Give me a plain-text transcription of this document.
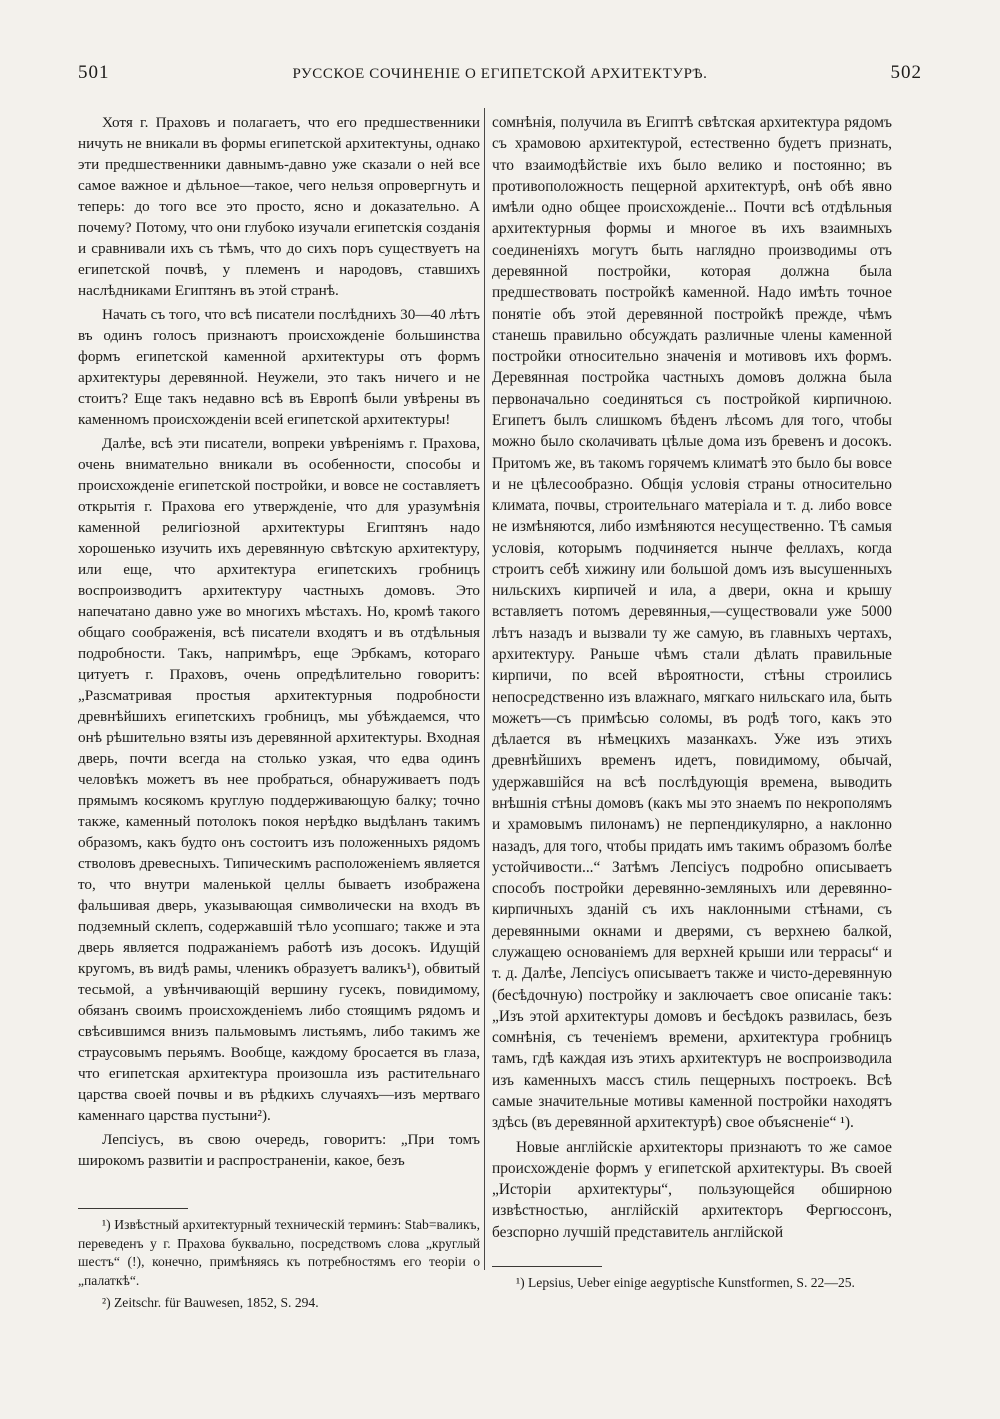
501	РУССКОЕ СОЧИНЕНІЕ О ЕГИПЕТСКОЙ АРХИТЕКТУРѢ.	502

Хотя г. Праховъ и полагаетъ, что его предшественники ничуть не вникали въ формы египетской архитектуны, однако эти предшественники давнымъ-давно уже сказали о ней все самое важное и дѣльное—такое, чего нельзя опровергнуть и теперь: до того все это просто, ясно и доказательно. А почему? Потому, что они глубоко изучали египетскія созданія и сравнивали ихъ съ тѣмъ, что до сихъ поръ существуетъ на египетской почвѣ, у племенъ и народовъ, ставшихъ наслѣдниками Египтянъ въ этой странѣ.

Начать съ того, что всѣ писатели послѣднихъ 30—40 лѣтъ въ одинъ голосъ признаютъ происхожденіе большинства формъ египетской каменной архитектуры отъ формъ архитектуры деревянной. Неужели, это такъ ничего и не стоитъ? Еще такъ недавно всѣ въ Европѣ были увѣрены въ каменномъ происхожденіи всей египетской архитектуры!

Далѣе, всѣ эти писатели, вопреки увѣреніямъ г. Прахова, очень внимательно вникали въ особенности, способы и происхожденіе египетской постройки, и вовсе не составляетъ открытія г. Прахова его утвержденіе, что для уразумѣнія каменной религіозной архитектуры Египтянъ надо хорошенько изучить ихъ деревянную свѣтскую архитектуру, или еще, что архитектура египетскихъ гробницъ воспроизводитъ архитектуру частныхъ домовъ. Это напечатано давно уже во многихъ мѣстахъ. Но, кромѣ такого общаго соображенія, всѣ писатели входятъ и въ отдѣльныя подробности. Такъ, напримѣръ, еще Эрбкамъ, котораго цитуетъ г. Праховъ, очень опредѣлительно говоритъ: „Разсматривая простыя архитектурныя подробности древнѣйшихъ египетскихъ гробницъ, мы убѣждаемся, что онѣ рѣшительно взяты изъ деревянной архитектуры. Входная дверь, почти всегда на столько узкая, что едва одинъ человѣкъ можетъ въ нее пробраться, обнаруживаетъ подъ прямымъ косякомъ круглую поддерживающую балку; точно также, каменный потолокъ покоя нерѣдко выдѣланъ такимъ образомъ, какъ будто онъ состоитъ изъ положенныхъ рядомъ стволовъ древесныхъ. Типическимъ расположеніемъ является то, что внутри маленькой целлы бываетъ изображена фальшивая дверь, указывающая символически на входъ въ подземный склепъ, содержавшій тѣло усопшаго; также и эта дверь является подражаніемъ работѣ изъ досокъ. Идущій кругомъ, въ видѣ рамы, членикъ образуетъ валикъ¹), обвитый тесьмой, а увѣнчивающій вершину гусекъ, повидимому, обязанъ своимъ происхожденіемъ либо стоящимъ рядомъ и свѣсившимся внизъ пальмовымъ листьямъ, либо такимъ же страусовымъ перьямъ. Вообще, каждому бросается въ глаза, что египетская архитектура произошла изъ растительнаго царства своей почвы и въ рѣдкихъ случаяхъ—изъ мертваго каменнаго царства пустыни²).

Лепсіусъ, въ свою очередь, говоритъ: „При томъ широкомъ развитіи и распространеніи, какое, безъ

сомнѣнія, получила въ Египтѣ свѣтская архитектура рядомъ съ храмовою архитектурой, естественно будетъ признать, что взаимодѣйствіе ихъ было велико и постоянно; въ противоположность пещерной архитектурѣ, онѣ обѣ явно имѣли одно общее происхожденіе... Почти всѣ отдѣльныя архитектурныя формы и многое въ ихъ взаимныхъ соединеніяхъ могутъ быть наглядно производимы отъ деревянной постройки, которая должна была предшествовать постройкѣ каменной. Надо имѣть точное понятіе объ этой деревянной постройкѣ прежде, чѣмъ станешь правильно обсуждать различные члены каменной постройки относительно значенія и мотивовъ ихъ формъ. Деревянная постройка частныхъ домовъ должна была первоначально соединяться съ постройкой кирпичною. Египетъ былъ слишкомъ бѣденъ лѣсомъ для того, чтобы можно было сколачивать цѣлые дома изъ бревенъ и досокъ. Притомъ же, въ такомъ горячемъ климатѣ это было бы вовсе и не цѣлесообразно. Общія условія страны относительно климата, почвы, строительнаго матеріала и т. д. либо вовсе не измѣняются, либо измѣняются несущественно. Тѣ самыя условія, которымъ подчиняется нынче феллахъ, когда строитъ себѣ хижину или большой домъ изъ высушенныхъ нильскихъ кирпичей и ила, а двери, окна и крышу вставляетъ потомъ деревянныя,—существовали уже 5000 лѣтъ назадъ и вызвали ту же самую, въ главныхъ чертахъ, архитектуру. Раньше чѣмъ стали дѣлать правильные кирпичи, по всей вѣроятности, стѣны строились непосредственно изъ влажнаго, мягкаго нильскаго ила, быть можетъ—съ примѣсью соломы, въ родѣ того, какъ это дѣлается въ нѣмецкихъ мазанкахъ. Уже изъ этихъ древнѣйшихъ временъ идетъ, повидимому, обычай, удержавшійся на всѣ послѣдующія времена, выводить внѣшнія стѣны домовъ (какъ мы это знаемъ по некрополямъ и храмовымъ пилонамъ) не перпендикулярно, а наклонно назадъ, для того, чтобы придать имъ такимъ образомъ болѣе устойчивости...“ Затѣмъ Лепсіусъ подробно описываетъ способъ постройки деревянно-земляныхъ или деревянно-кирпичныхъ зданій съ ихъ наклонными стѣнами, съ деревянными окнами и дверями, съ верхнею балкой, служащею основаніемъ для верхней крыши или террасы“ и т. д. Далѣе, Лепсіусъ описываетъ также и чисто-деревянную (бесѣдочную) постройку и заключаетъ свое описаніе такъ: „Изъ этой архитектуры домовъ и бесѣдокъ развилась, безъ сомнѣнія, съ теченіемъ времени, архитектура гробницъ тамъ, гдѣ каждая изъ этихъ архитектуръ не воспроизводила изъ каменныхъ массъ стиль пещерныхъ построекъ. Всѣ самые значительные мотивы каменной постройки находятъ здѣсь (въ деревянной архитектурѣ) свое объясненіе“ ¹).

Новые англійскіе архитекторы признаютъ то же самое происхожденіе формъ у египетской архитектуры. Въ своей „Исторіи архитектуры“, пользующейся обширною извѣстностью, англійскій архитекторъ Фергюссонъ, безспорно лучшій представитель англійской

¹) Извѣстный архитектурный техническій терминъ: Stab=валикъ, переведенъ у г. Прахова буквально, посредствомъ слова „круглый шестъ“ (!), конечно, примѣняясь къ потребностямъ его теоріи о „палаткѣ“.

²) Zeitschr. für Bauwesen, 1852, S. 294.

¹) Lepsius, Ueber einige aegyptische Kunstformen, S. 22—25.
